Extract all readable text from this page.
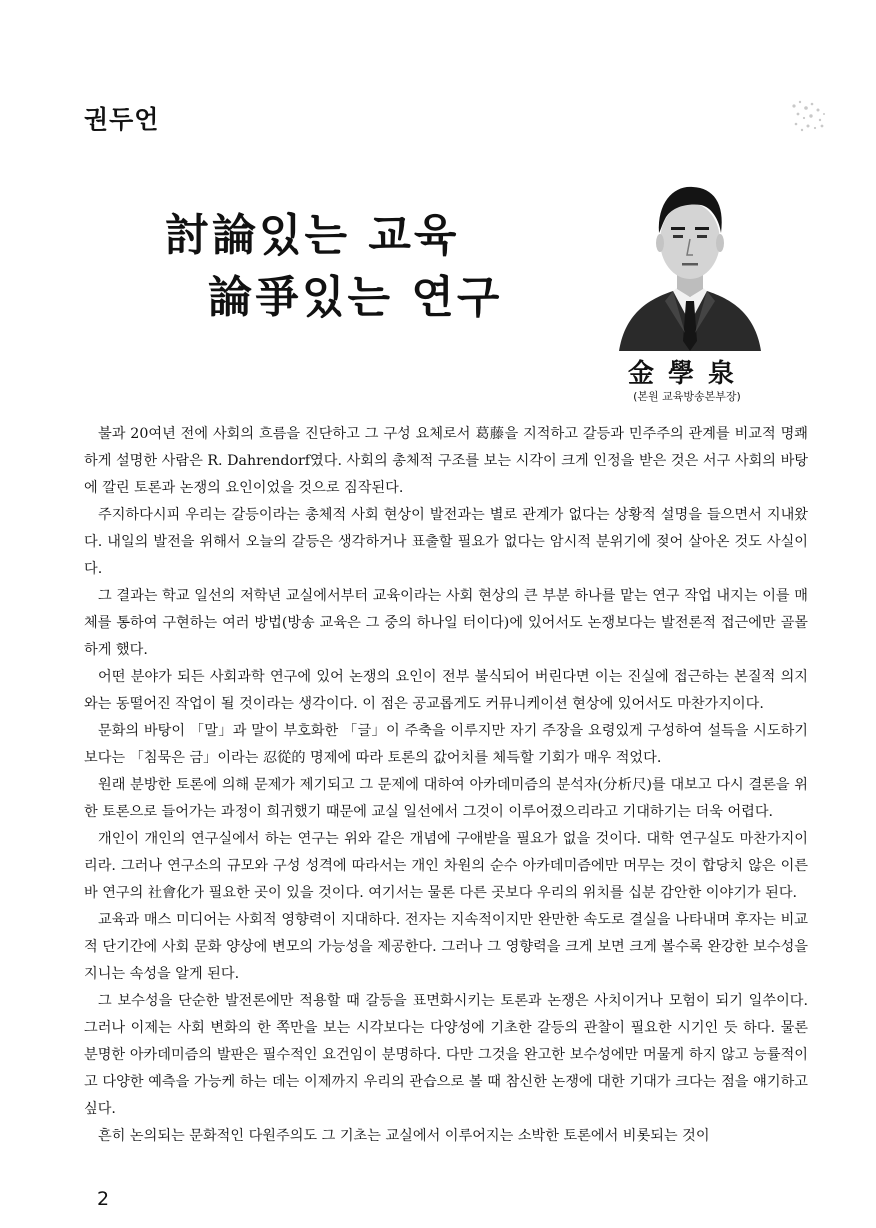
권두언
討論있는 교육
論爭있는 연구
金學泉
(본원 교육방송본부장)

불과 20여년 전에 사회의 흐름을 진단하고 그 구성 요체로서 葛藤을 지적하고 갈등과 민주주의 관계를 비교적 명쾌하게 설명한 사람은 R. Dahrendorf였다. 사회의 총체적 구조를 보는 시각이 크게 인정을 받은 것은 서구 사회의 바탕에 깔린 토론과 논쟁의 요인이었을 것으로 짐작된다.

주지하다시피 우리는 갈등이라는 총체적 사회 현상이 발전과는 별로 관계가 없다는 상황적 설명을 들으면서 지내왔다. 내일의 발전을 위해서 오늘의 갈등은 생각하거나 표출할 필요가 없다는 암시적 분위기에 젖어 살아온 것도 사실이다.

그 결과는 학교 일선의 저학년 교실에서부터 교육이라는 사회 현상의 큰 부분 하나를 맡는 연구 작업 내지는 이를 매체를 통하여 구현하는 여러 방법(방송 교육은 그 중의 하나일 터이다)에 있어서도 논쟁보다는 발전론적 접근에만 골몰하게 했다.

어떤 분야가 되든 사회과학 연구에 있어 논쟁의 요인이 전부 불식되어 버린다면 이는 진실에 접근하는 본질적 의지와는 동떨어진 작업이 될 것이라는 생각이다. 이 점은 공교롭게도 커뮤니케이션 현상에 있어서도 마찬가지이다.

문화의 바탕이 「말」과 말이 부호화한 「글」이 주축을 이루지만 자기 주장을 요령있게 구성하여 설득을 시도하기보다는 「침묵은 금」이라는 忍從的 명제에 따라 토론의 값어치를 체득할 기회가 매우 적었다.

원래 분방한 토론에 의해 문제가 제기되고 그 문제에 대하여 아카데미즘의 분석자(分析尺)를 대보고 다시 결론을 위한 토론으로 들어가는 과정이 희귀했기 때문에 교실 일선에서 그것이 이루어졌으리라고 기대하기는 더욱 어렵다.

개인이 개인의 연구실에서 하는 연구는 위와 같은 개념에 구애받을 필요가 없을 것이다. 대학 연구실도 마찬가지이리라. 그러나 연구소의 규모와 구성 성격에 따라서는 개인 차원의 순수 아카데미즘에만 머무는 것이 합당치 않은 이른바 연구의 社會化가 필요한 곳이 있을 것이다. 여기서는 물론 다른 곳보다 우리의 위치를 십분 감안한 이야기가 된다.

교육과 매스 미디어는 사회적 영향력이 지대하다. 전자는 지속적이지만 완만한 속도로 결실을 나타내며 후자는 비교적 단기간에 사회 문화 양상에 변모의 가능성을 제공한다. 그러나 그 영향력을 크게 보면 크게 볼수록 완강한 보수성을 지니는 속성을 알게 된다.

그 보수성을 단순한 발전론에만 적용할 때 갈등을 표면화시키는 토론과 논쟁은 사치이거나 모험이 되기 일쑤이다. 그러나 이제는 사회 변화의 한 쪽만을 보는 시각보다는 다양성에 기초한 갈등의 관찰이 필요한 시기인 듯 하다. 물론 분명한 아카데미즘의 발판은 필수적인 요건임이 분명하다. 다만 그것을 완고한 보수성에만 머물게 하지 않고 능률적이고 다양한 예측을 가능케 하는 데는 이제까지 우리의 관습으로 볼 때 참신한 논쟁에 대한 기대가 크다는 점을 얘기하고 싶다.

흔히 논의되는 문화적인 다원주의도 그 기초는 교실에서 이루어지는 소박한 토론에서 비롯되는 것이

2
